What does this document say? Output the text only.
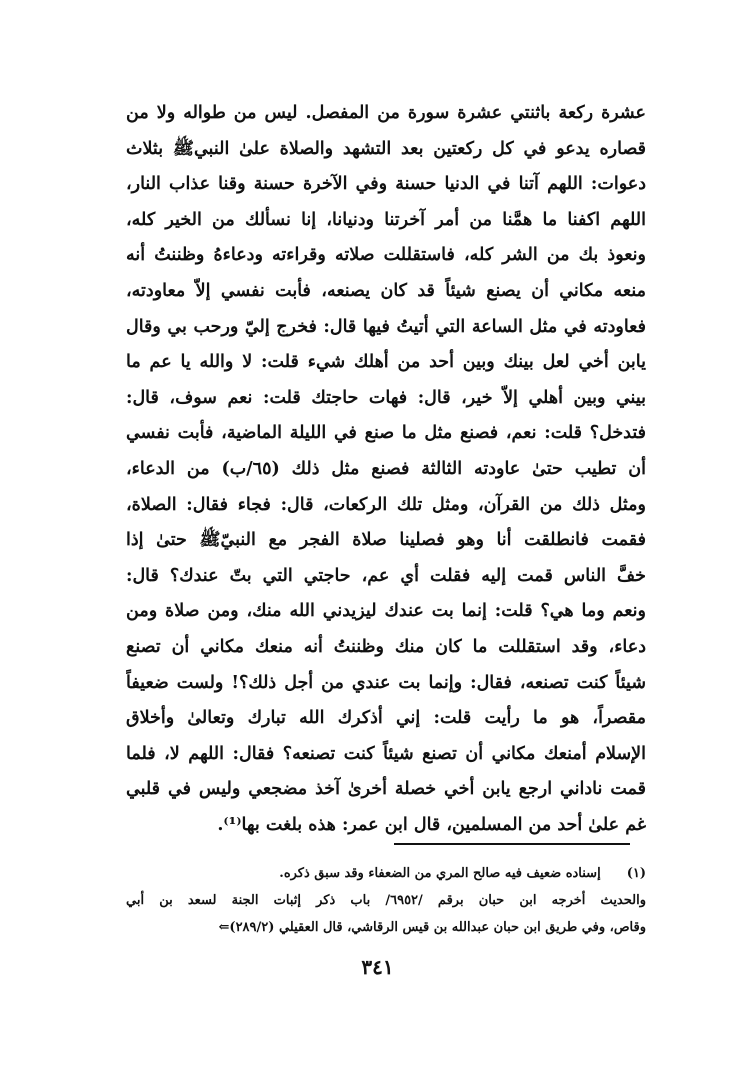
عشرة ركعة باثنتي عشرة سورة من المفصل. ليس من طواله ولا من
قصاره يدعو في كل ركعتين بعد التشهد والصلاة علىٰ النبيﷺ بثلاث
دعوات: اللهم آتنا في الدنيا حسنة وفي الآخرة حسنة وقنا عذاب النار،
اللهم اكفنا ما همَّنا من أمر آخرتنا ودنيانا، إنا نسألك من الخير كله،
ونعوذ بك من الشر كله، فاستقللت صلاته وقراءته ودعاءهُ وظننتُ أنه
منعه مكاني أن يصنع شيئاً قد كان يصنعه، فأبت نفسي إلاّ معاودته،
فعاودته في مثل الساعة التي أتيتُ فيها قال: فخرج إليّ ورحب بي وقال
يابن أخي لعل بينك وبين أحد من أهلك شيء قلت: لا والله يا عم ما
بيني وبين أهلي إلاّ خير، قال: فهات حاجتك قلت: نعم سوف، قال:
فتدخل؟ قلت: نعم، فصنع مثل ما صنع في الليلة الماضية، فأبت نفسي
أن تطيب حتىٰ عاودته الثالثة فصنع مثل ذلك (٦٥/ب) من الدعاء،
ومثل ذلك من القرآن، ومثل تلك الركعات، قال: فجاء فقال: الصلاة،
فقمت فانطلقت أنا وهو فصلينا صلاة الفجر مع النبيّﷺ حتىٰ إذا
خفَّ الناس قمت إليه فقلت أي عم، حاجتي التي بتّ عندك؟ قال:
ونعم وما هي؟ قلت: إنما بت عندك ليزيدني الله منك، ومن صلاة ومن
دعاء، وقد استقللت ما كان منك وظننتُ أنه منعك مكاني أن تصنع
شيئاً كنت تصنعه، فقال: وإنما بت عندي من أجل ذلك؟! ولست ضعيفاً
مقصراً، هو ما رأيت قلت: إني أذكرك الله تبارك وتعالىٰ وأخلاق
الإسلام أمنعك مكاني أن تصنع شيئاً كنت تصنعه؟ فقال: اللهم لا، فلما
قمت ناداني ارجع يابن أخي خصلة أخرىٰ آخذ مضجعي وليس في قلبي
غم علىٰ أحد من المسلمين، قال ابن عمر: هذه بلغت بها⁽¹⁾.
(١)إسناده ضعيف فيه صالح المري من الضعفاء وقد سبق ذكره.
والحديث أخرجه ابن حبان برقم /٦٩٥٢/ باب ذكر إثبات الجنة لسعد بن أبي
وقاص، وفي طريق ابن حبان عبدالله بن قيس الرقاشي، قال العقيلي (٢٨٩/٢)⇐
٣٤١
